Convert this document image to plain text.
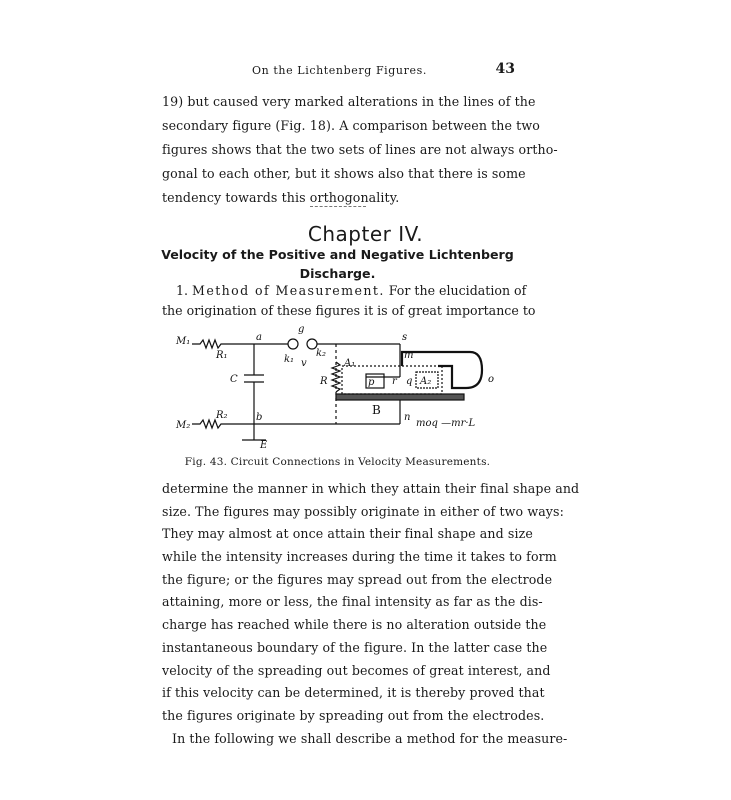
On the Lichtenberg Figures.	43
19) but caused very marked alterations in the lines of the
secondary figure (Fig. 18). A comparison between the two
figures shows that the two sets of lines are not always ortho-
gonal to each other, but it shows also that there is some
tendency towards this orthogonality.
Chapter IV.
Velocity of the Positive and Negative Lichtenberg
Discharge.
1. Method of Measurement. For the elucidation of
the origination of these figures it is of great importance to
M₁
R₁
a
g
k₁ v
k₂
s
m
C	R
A₁
p r q A₂	o
B
M₂
R₂	b	n
E
moq —mr·L
Fig. 43. Circuit Connections in Velocity Measurements.
determine the manner in which they attain their final shape and
size. The figures may possibly originate in either of two ways:
They may almost at once attain their final shape and size
while the intensity increases during the time it takes to form
the figure; or the figures may spread out from the electrode
attaining, more or less, the final intensity as far as the dis-
charge has reached while there is no alteration outside the
instantaneous boundary of the figure. In the latter case the
velocity of the spreading out becomes of great interest, and
if this velocity can be determined, it is thereby proved that
the figures originate by spreading out from the electrodes.
In the following we shall describe a method for the measure-
